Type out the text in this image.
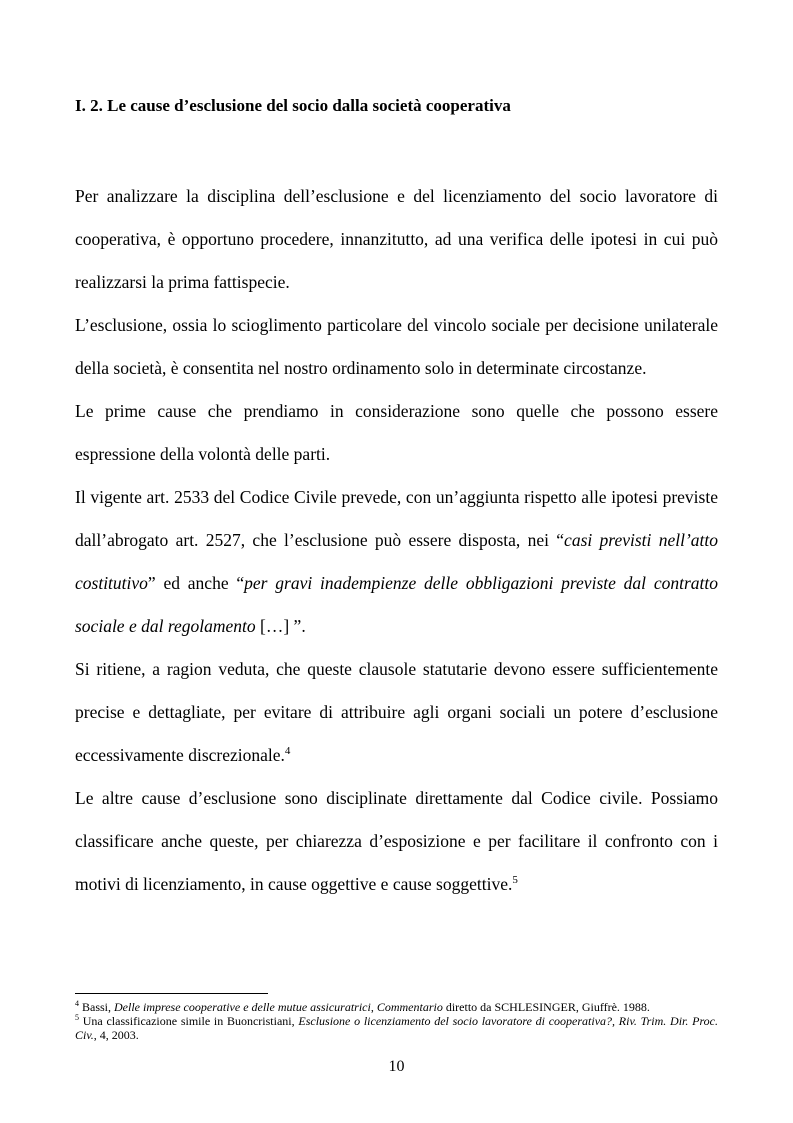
I. 2. Le cause d’esclusione del socio dalla società cooperativa

Per analizzare la disciplina dell’esclusione e del licenziamento del socio lavoratore di cooperativa, è opportuno procedere, innanzitutto, ad una verifica delle ipotesi in cui può realizzarsi la prima fattispecie.

L’esclusione, ossia lo scioglimento particolare del vincolo sociale per decisione unilaterale della società, è consentita nel nostro ordinamento solo in determinate circostanze.

Le prime cause che prendiamo in considerazione sono quelle che possono essere espressione della volontà delle parti.

Il vigente art. 2533 del Codice Civile prevede, con un’aggiunta rispetto alle ipotesi previste dall’abrogato art. 2527, che l’esclusione può essere disposta, nei “casi previsti nell’atto costitutivo” ed anche “per gravi inadempienze delle obbligazioni previste dal contratto sociale e dal regolamento […] ”.

Si ritiene, a ragion veduta, che queste clausole statutarie devono essere sufficientemente precise e dettagliate, per evitare di attribuire agli organi sociali un potere d’esclusione eccessivamente discrezionale.$^4$

Le altre cause d’esclusione sono disciplinate direttamente dal Codice civile. Possiamo classificare anche queste, per chiarezza d’esposizione e per facilitare il confronto con i motivi di licenziamento, in cause oggettive e cause soggettive.$^5$

$^4$ Bassi, Delle imprese cooperative e delle mutue assicuratrici, Commentario diretto da SCHLESINGER, Giuffrè. 1988.

$^5$ Una classificazione simile in Buoncristiani, Esclusione o licenziamento del socio lavoratore di cooperativa?, Riv. Trim. Dir. Proc. Civ., 4, 2003.

10
